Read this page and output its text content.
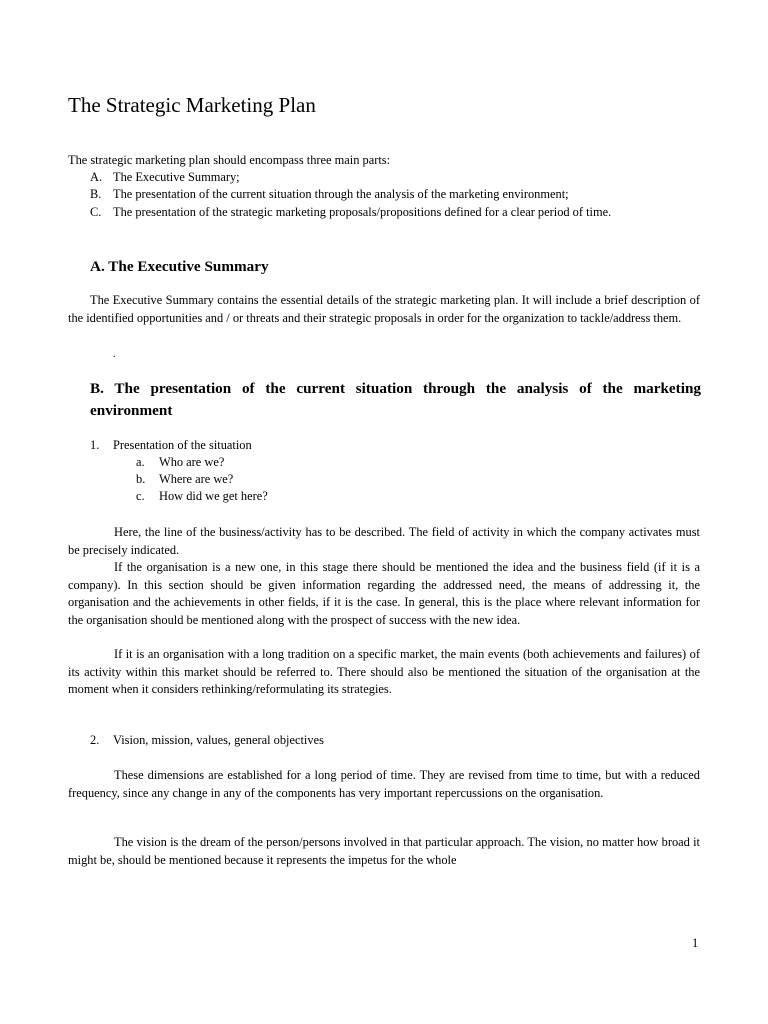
The Strategic Marketing Plan
The strategic marketing plan should encompass three main parts:
A. The Executive Summary;
B. The presentation of the current situation through the analysis of the marketing environment;
C. The presentation of the strategic marketing proposals/propositions defined for a clear period of time.
A. The Executive Summary

The Executive Summary contains the essential details of the strategic marketing plan. It will include a brief description of the identified opportunities and / or threats and their strategic proposals in order for the organization to tackle/address them.

.
B. The presentation of the current situation through the analysis of the marketing environment
1. Presentation of the situation
a. Who are we?
b. Where are we?
c. How did we get here?

Here, the line of the business/activity has to be described. The field of activity in which the company activates must be precisely indicated.

If the organisation is a new one, in this stage there should be mentioned the idea and the business field (if it is a company). In this section should be given information regarding the addressed need, the means of addressing it, the organisation and the achievements in other fields, if it is the case. In general, this is the place where relevant information for the organisation should be mentioned along with the prospect of success with the new idea.

If it is an organisation with a long tradition on a specific market, the main events (both achievements and failures) of its activity within this market should be referred to. There should also be mentioned the situation of the organisation at the moment when it considers rethinking/reformulating its strategies.

2. Vision, mission, values, general objectives

These dimensions are established for a long period of time. They are revised from time to time, but with a reduced frequency, since any change in any of the components has very important repercussions on the organisation.

The vision is the dream of the person/persons involved in that particular approach. The vision, no matter how broad it might be, should be mentioned because it represents the impetus for the whole

1
